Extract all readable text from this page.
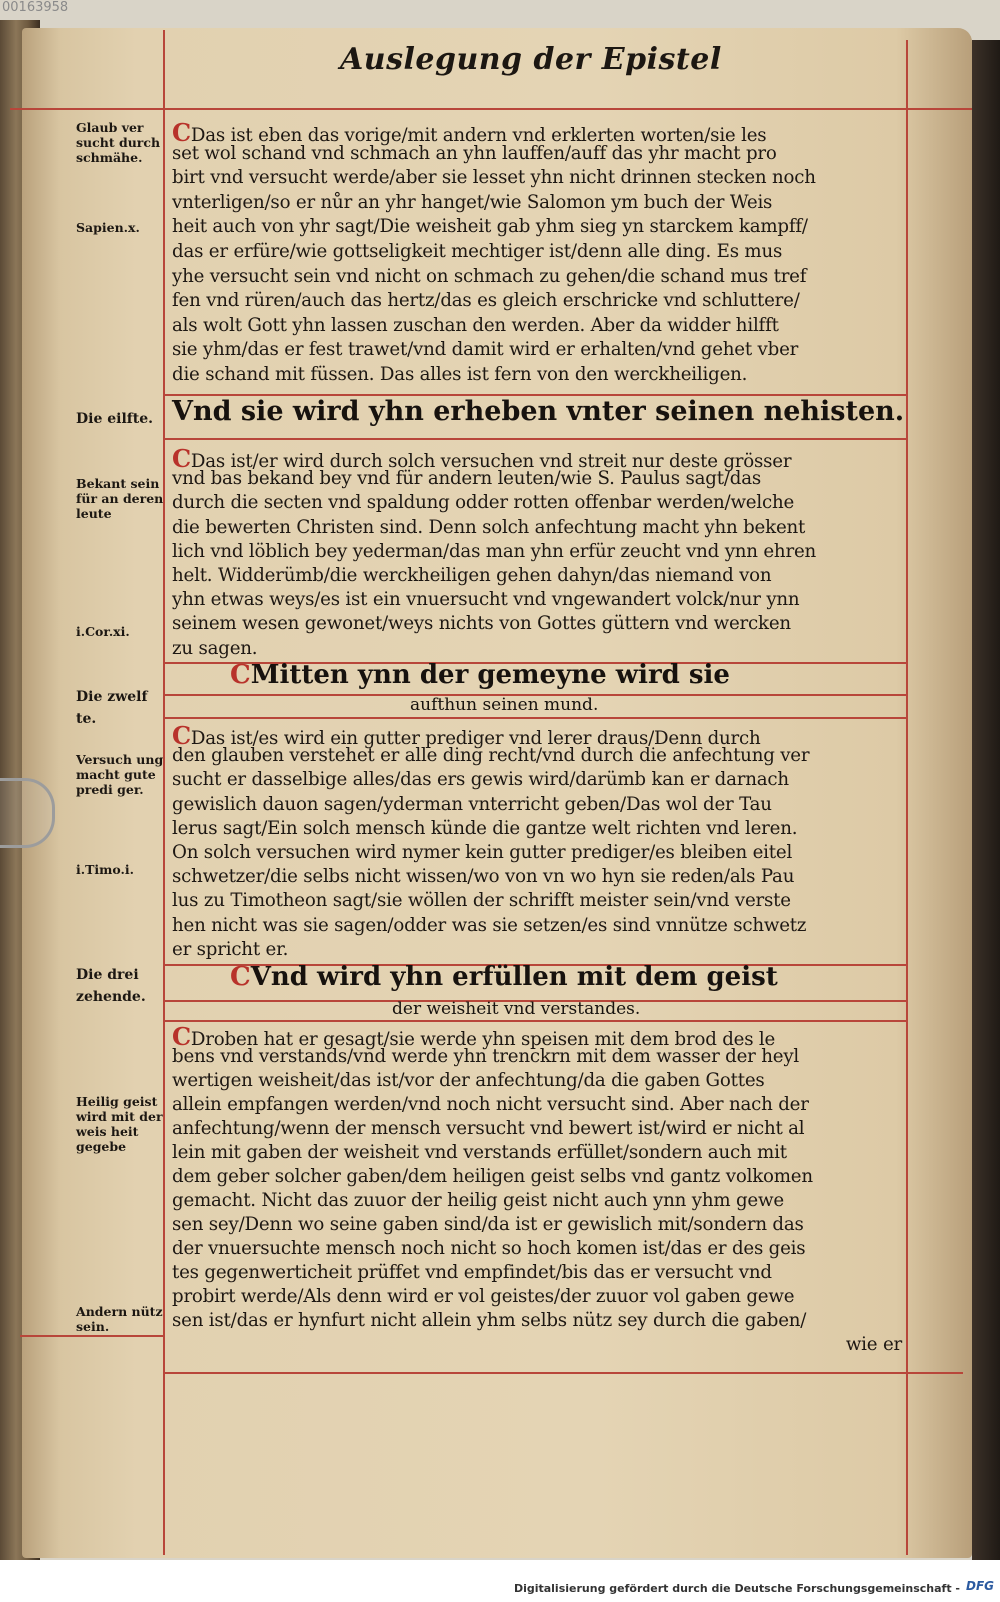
00163958
Auslegung der Epistel
CDas ist eben das vorige/mit andern vnd erklerten worten/sie les
set wol schand vnd schmach an yhn lauffen/auff das yhr macht pro
birt vnd versucht werde/aber sie lesset yhn nicht drinnen stecken noch
vnterligen/so er nůr an yhr hanget/wie Salomon ym buch der Weis
heit auch von yhr sagt/Die weisheit gab yhm sieg yn starckem kampff/
das er erfüre/wie gottseligkeit mechtiger ist/denn alle ding. Es mus
yhe versucht sein vnd nicht on schmach zu gehen/die schand mus tref
fen vnd rüren/auch das hertz/das es gleich erschricke vnd schluttere/
als wolt Gott yhn lassen zuschan den werden. Aber da widder hilfft
sie yhm/das er fest trawet/vnd damit wird er erhalten/vnd gehet vber
die schand mit füssen. Das alles ist fern von den werckheiligen.
Vnd sie wird yhn erheben vnter seinen nehisten.
CDas ist/er wird durch solch versuchen vnd streit nur deste grösser
vnd bas bekand bey vnd für andern leuten/wie S. Paulus sagt/das
durch die secten vnd spaldung odder rotten offenbar werden/welche
die bewerten Christen sind. Denn solch anfechtung macht yhn bekent
lich vnd löblich bey yederman/das man yhn erfür zeucht vnd ynn ehren
helt. Widderümb/die werckheiligen gehen dahyn/das niemand von
yhn etwas weys/es ist ein vnuersucht vnd vngewandert volck/nur ynn
seinem wesen gewonet/weys nichts von Gottes güttern vnd wercken
zu sagen.
CMitten ynn der gemeyne wird sie
aufthun seinen mund.
CDas ist/es wird ein gutter prediger vnd lerer draus/Denn durch
den glauben verstehet er alle ding recht/vnd durch die anfechtung ver
sucht er dasselbige alles/das ers gewis wird/darümb kan er darnach
gewislich dauon sagen/yderman vnterricht geben/Das wol der Tau
lerus sagt/Ein solch mensch künde die gantze welt richten vnd leren.
On solch versuchen wird nymer kein gutter prediger/es bleiben eitel
schwetzer/die selbs nicht wissen/wo von vn wo hyn sie reden/als Pau
lus zu Timotheon sagt/sie wöllen der schrifft meister sein/vnd verste
hen nicht was sie sagen/odder was sie setzen/es sind vnnütze schwetz
er spricht er.
CVnd wird yhn erfüllen mit dem geist
der weisheit vnd verstandes.
CDroben hat er gesagt/sie werde yhn speisen mit dem brod des le
bens vnd verstands/vnd werde yhn trenckrn mit dem wasser der heyl
wertigen weisheit/das ist/vor der anfechtung/da die gaben Gottes
allein empfangen werden/vnd noch nicht versucht sind. Aber nach der
anfechtung/wenn der mensch versucht vnd bewert ist/wird er nicht al
lein mit gaben der weisheit vnd verstands erfüllet/sondern auch mit
dem geber solcher gaben/dem heiligen geist selbs vnd gantz volkomen
gemacht. Nicht das zuuor der heilig geist nicht auch ynn yhm gewe
sen sey/Denn wo seine gaben sind/da ist er gewislich mit/sondern das
der vnuersuchte mensch noch nicht so hoch komen ist/das er des geis
tes gegenwerticheit prüffet vnd empfindet/bis das er versucht vnd
probirt werde/Als denn wird er vol geistes/der zuuor vol gaben gewe
sen ist/das er hynfurt nicht allein yhm selbs nütz sey durch die gaben/
wie er
Glaub ver sucht durch schmähe.
Sapien.x.
Die eilfte.
Bekant sein für an deren leute
i.Cor.xi.
Die zwelf te.
Versuch ung macht gute predi ger.
i.Timo.i.
Die drei zehende.
Heilig geist wird mit der weis heit gegebe
Andern nütz sein.
Digitalisierung gefördert durch die Deutsche Forschungsgemeinschaft - DFG
